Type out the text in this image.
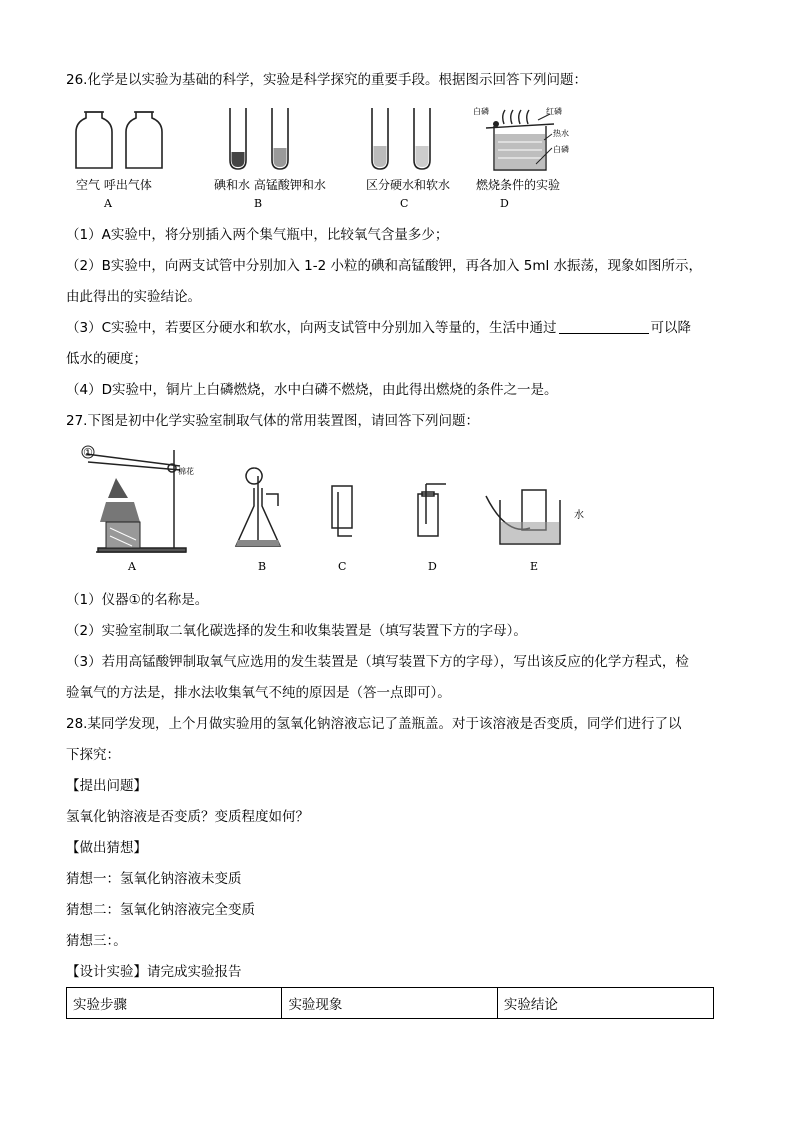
26.化学是以实验为基础的科学，实验是科学探究的重要手段。根据图示回答下列问题：
空气 呼出气体
A
碘和水 高锰酸钾和水
B
区分硬水和软水
C
白磷	红磷
热水
白磷
燃烧条件的实验
D
（1）A实验中，将分别插入两个集气瓶中，比较氧气含量多少；
（2）B实验中，向两支试管中分别加入 1-2 小粒的碘和高锰酸钾，再各加入 5ml 水振荡，现象如图所示，
由此得出的实验结论。
（3）C实验中，若要区分硬水和软水，向两支试管中分别加入等量的，生活中通过	可以降
低水的硬度；
（4）D实验中，铜片上白磷燃烧，水中白磷不燃烧，由此得出燃烧的条件之一是。
27.下图是初中化学实验室制取气体的常用装置图，请回答下列问题：
①
棉花
A	B	C	D
水
E
（1）仪器①的名称是。
（2）实验室制取二氧化碳选择的发生和收集装置是（填写装置下方的字母）。
（3）若用高锰酸钾制取氧气应选用的发生装置是（填写装置下方的字母），写出该反应的化学方程式，检
验氧气的方法是，排水法收集氧气不纯的原因是（答一点即可）。
28.某同学发现，上个月做实验用的氢氧化钠溶液忘记了盖瓶盖。对于该溶液是否变质，同学们进行了以
下探究：
【提出问题】
氢氧化钠溶液是否变质？变质程度如何？
【做出猜想】
猜想一：氢氧化钠溶液未变质
猜想二：氢氧化钠溶液完全变质
猜想三：。
【设计实验】请完成实验报告
实验步骤	实验现象	实验结论
